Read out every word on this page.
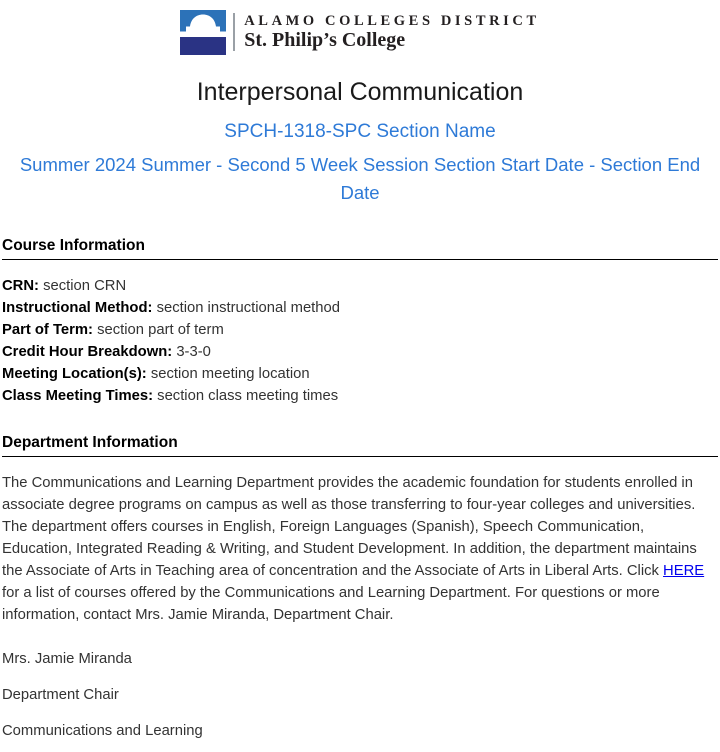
ALAMO COLLEGES DISTRICT
St. Philip’s College
Interpersonal Communication
SPCH-1318-SPC Section Name
Summer 2024 Summer - Second 5 Week Session Section Start Date - Section End Date
Course Information

CRN: section CRN

Instructional Method: section instructional method

Part of Term: section part of term

Credit Hour Breakdown: 3-3-0

Meeting Location(s): section meeting location

Class Meeting Times: section class meeting times

Department Information

The Communications and Learning Department provides the academic foundation for students enrolled in associate degree programs on campus as well as those transferring to four-year colleges and universities. The department offers courses in English, Foreign Languages (Spanish), Speech Communication, Education, Integrated Reading & Writing, and Student Development. In addition, the department maintains the Associate of Arts in Teaching area of concentration and the Associate of Arts in Liberal Arts. Click HERE for a list of courses offered by the Communications and Learning Department. For questions or more information, contact Mrs. Jamie Miranda, Department Chair.

Mrs. Jamie Miranda

Department Chair

Communications and Learning
